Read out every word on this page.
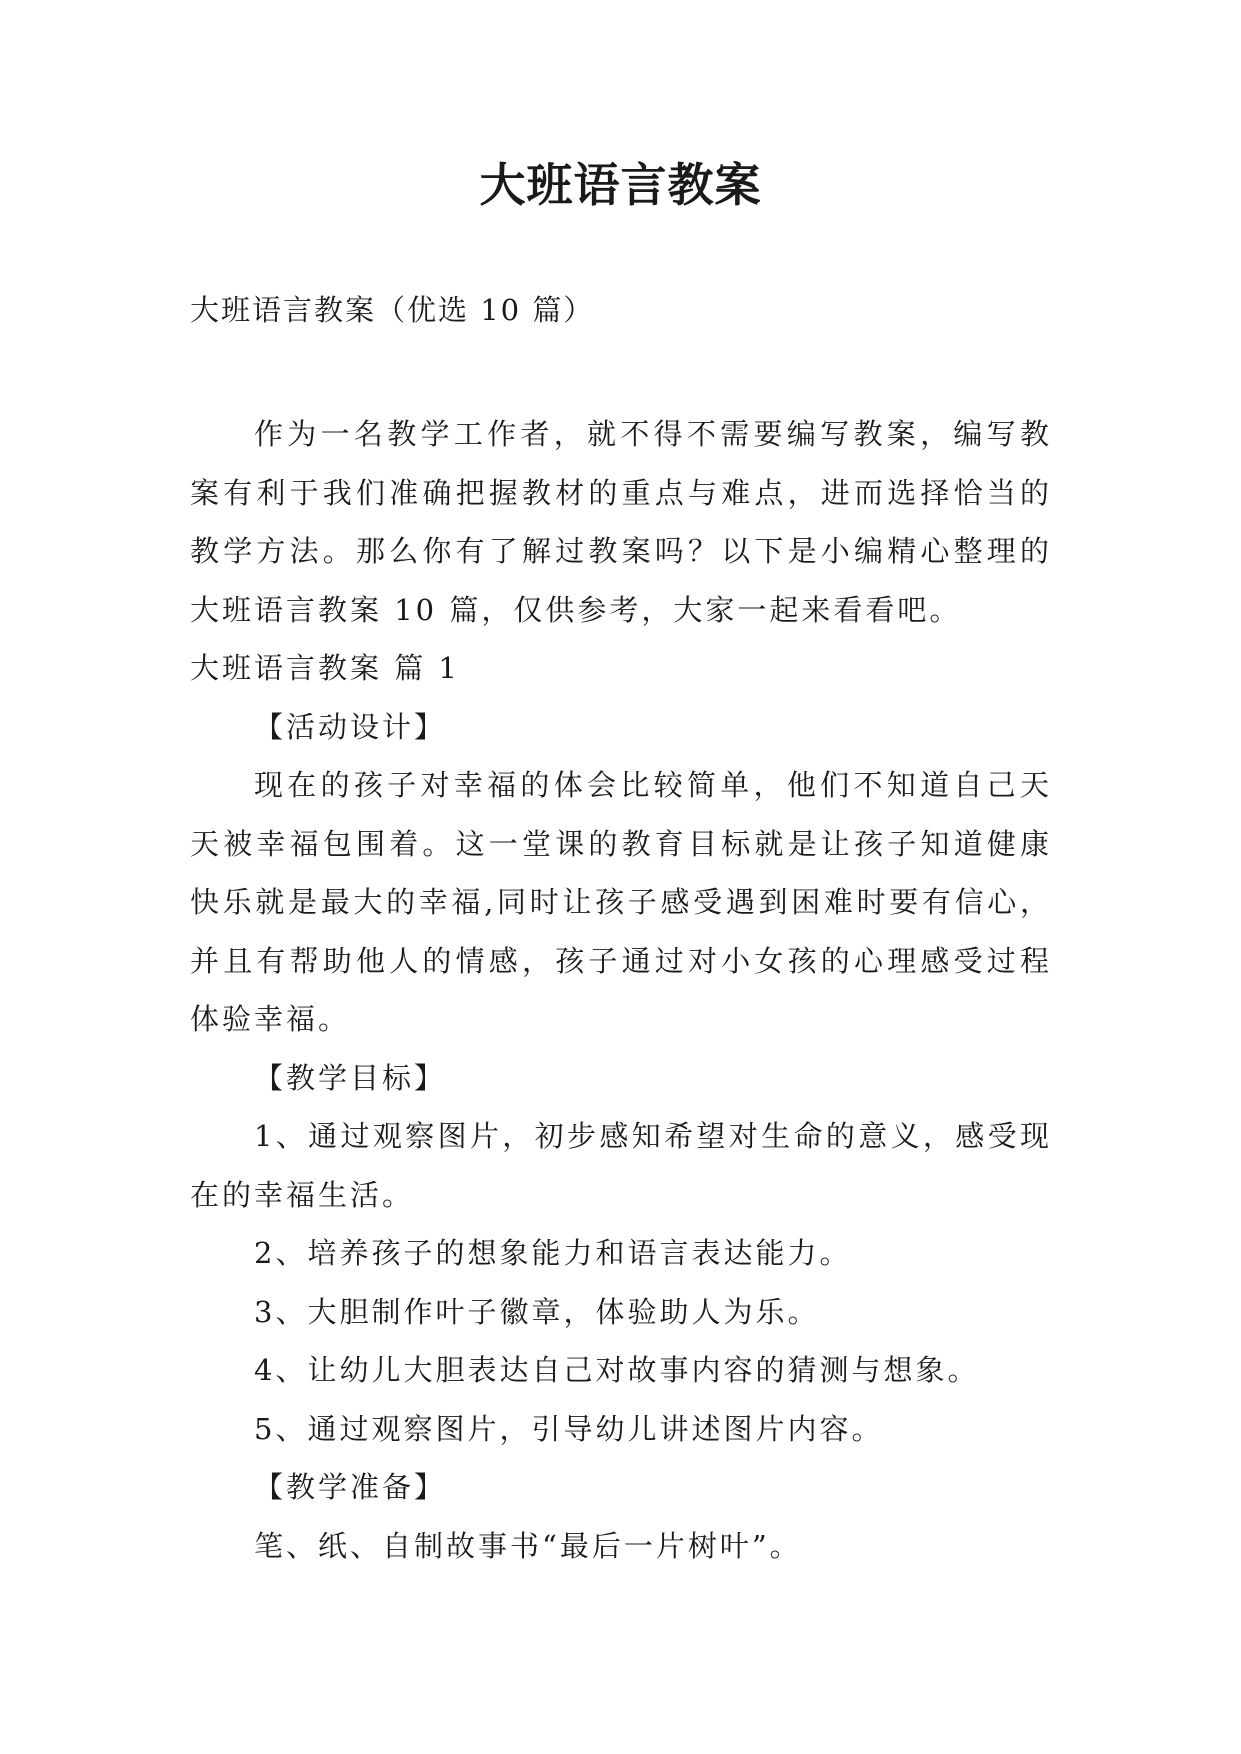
大班语言教案
大班语言教案（优选 10 篇）

作为一名教学工作者，就不得不需要编写教案，编写教案有利于我们准确把握教材的重点与难点，进而选择恰当的教学方法。那么你有了解过教案吗？以下是小编精心整理的大班语言教案 10 篇，仅供参考，大家一起来看看吧。

大班语言教案 篇 1

【活动设计】

现在的孩子对幸福的体会比较简单，他们不知道自己天天被幸福包围着。这一堂课的教育目标就是让孩子知道健康快乐就是最大的幸福,同时让孩子感受遇到困难时要有信心，并且有帮助他人的情感，孩子通过对小女孩的心理感受过程体验幸福。

【教学目标】

1、通过观察图片，初步感知希望对生命的意义，感受现在的幸福生活。

2、培养孩子的想象能力和语言表达能力。

3、大胆制作叶子徽章，体验助人为乐。

4、让幼儿大胆表达自己对故事内容的猜测与想象。

5、通过观察图片，引导幼儿讲述图片内容。

【教学准备】

笔、纸、自制故事书“最后一片树叶”。
